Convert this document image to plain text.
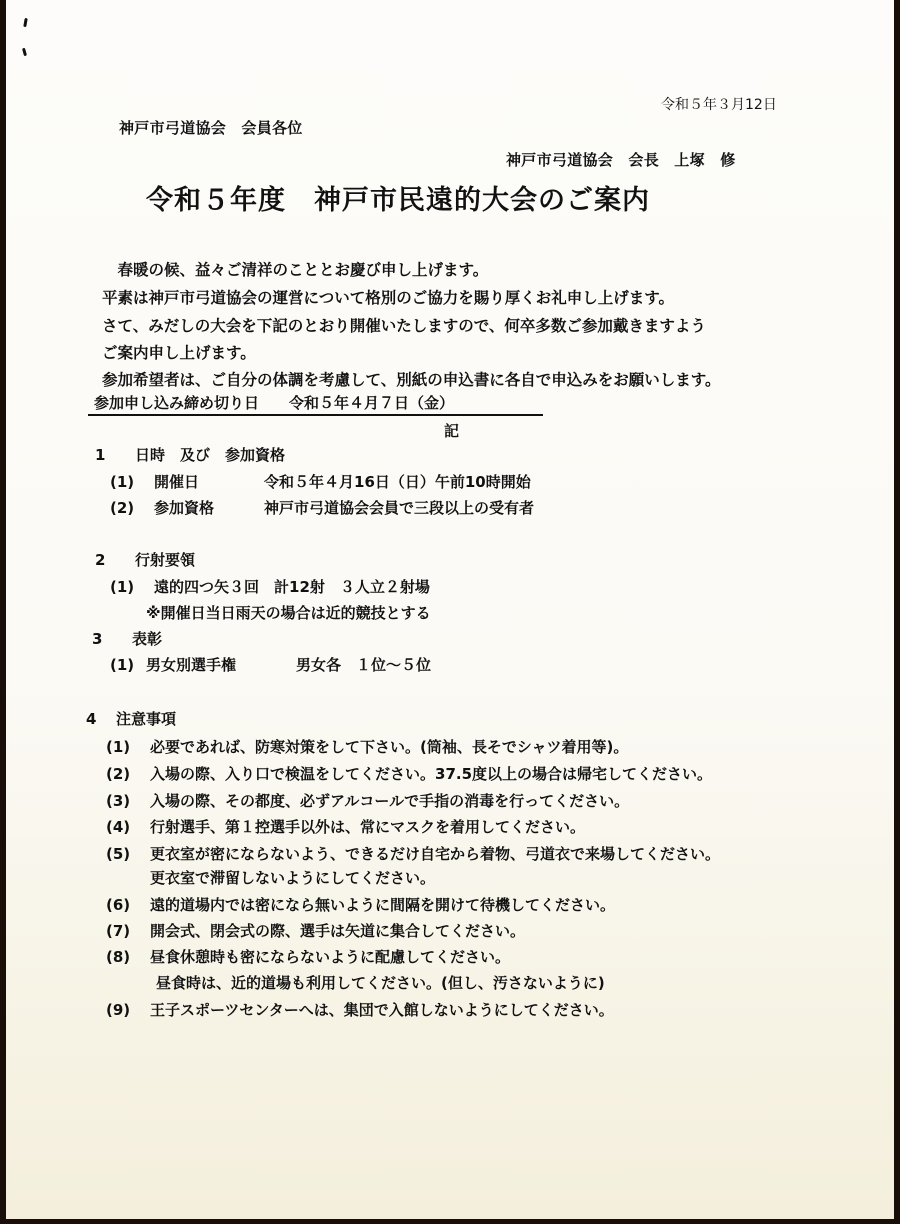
令和５年３月12日
神戸市弓道協会　会員各位
神戸市弓道協会　会長　上塚　修
令和５年度　神戸市民遠的大会のご案内
　春暖の候、益々ご清祥のこととお慶び申し上げます。
平素は神戸市弓道協会の運営について格別のご協力を賜り厚くお礼申し上げます。
さて、みだしの大会を下記のとおり開催いたしますので、何卒多数ご参加戴きますよう
ご案内申し上げます。
参加希望者は、ご自分の体調を考慮して、別紙の申込書に各自で申込みをお願いします。
参加申し込み締め切り日 令和５年４月７日（金）
記
1 日時　及び　参加資格
(1) 開催日	令和５年４月16日（日）午前10時開始
(2) 参加資格	神戸市弓道協会会員で三段以上の受有者
2 行射要領
(1) 遠的四つ矢３回　計12射　３人立２射場
※開催日当日雨天の場合は近的競技とする
3 表彰
(1) 男女別選手権	男女各　１位～５位
4 注意事項
(1) 必要であれば、防寒対策をして下さい。(筒袖、長そでシャツ着用等)。
(2) 入場の際、入り口で検温をしてください。37.5度以上の場合は帰宅してください。
(3) 入場の際、その都度、必ずアルコールで手指の消毒を行ってください。
(4) 行射選手、第１控選手以外は、常にマスクを着用してください。
(5) 更衣室が密にならないよう、できるだけ自宅から着物、弓道衣で来場してください。
更衣室で滞留しないようにしてください。
(6) 遠的道場内では密になら無いように間隔を開けて待機してください。
(7) 開会式、閉会式の際、選手は矢道に集合してください。
(8) 昼食休憩時も密にならないように配慮してください。
昼食時は、近的道場も利用してください。(但し、汚さないように)
(9) 王子スポーツセンターへは、集団で入館しないようにしてください。
